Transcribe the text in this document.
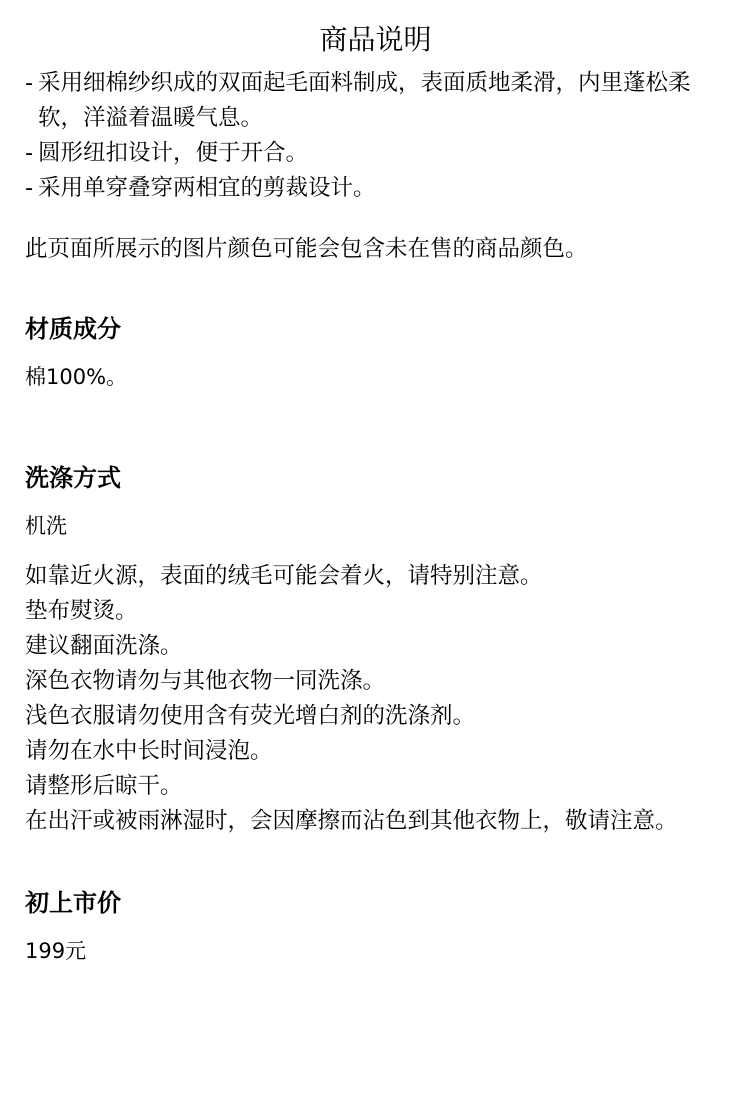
商品说明
- 采用细棉纱织成的双面起毛面料制成，表面质地柔滑，内里蓬松柔软，洋溢着温暖气息。
- 圆形纽扣设计，便于开合。
- 采用单穿叠穿两相宜的剪裁设计。

此页面所展示的图片颜色可能会包含未在售的商品颜色。

材质成分

棉100%。

洗涤方式

机洗

如靠近火源，表面的绒毛可能会着火，请特别注意。
垫布熨烫。
建议翻面洗涤。
深色衣物请勿与其他衣物一同洗涤。
浅色衣服请勿使用含有荧光增白剂的洗涤剂。
请勿在水中长时间浸泡。
请整形后晾干。
在出汗或被雨淋湿时，会因摩擦而沾色到其他衣物上，敬请注意。
初上市价

199元
